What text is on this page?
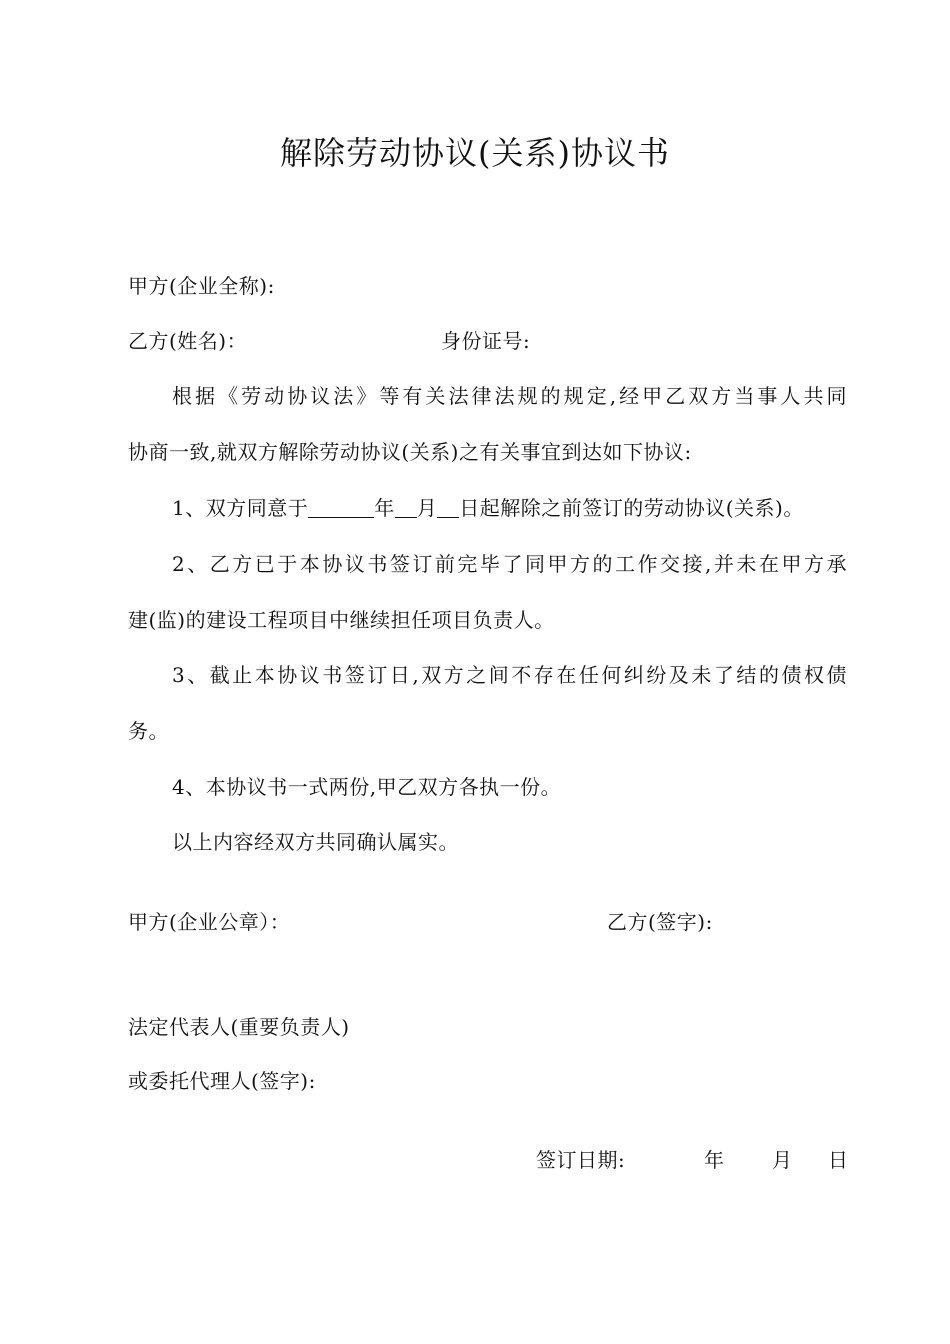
解除劳动协议(关系)协议书
甲方(企业全称):
乙方(姓名)：	身份证号:
根据《劳动协议法》等有关法律法规的规定,经甲乙双方当事人共同
协商一致,就双方解除劳动协议(关系)之有关事宜到达如下协议:
1、双方同意于	年 月 日起解除之前签订的劳动协议(关系)。
2、乙方已于本协议书签订前完毕了同甲方的工作交接,并未在甲方承
建(监)的建设工程项目中继续担任项目负责人。
3、截止本协议书签订日,双方之间不存在任何纠纷及未了结的债权债
务。
4、本协议书一式两份,甲乙双方各执一份。
以上内容经双方共同确认属实。
甲方(企业公章）：	乙方(签字):
法定代表人(重要负责人)
或委托代理人(签字):
签订日期:	年 月 日
